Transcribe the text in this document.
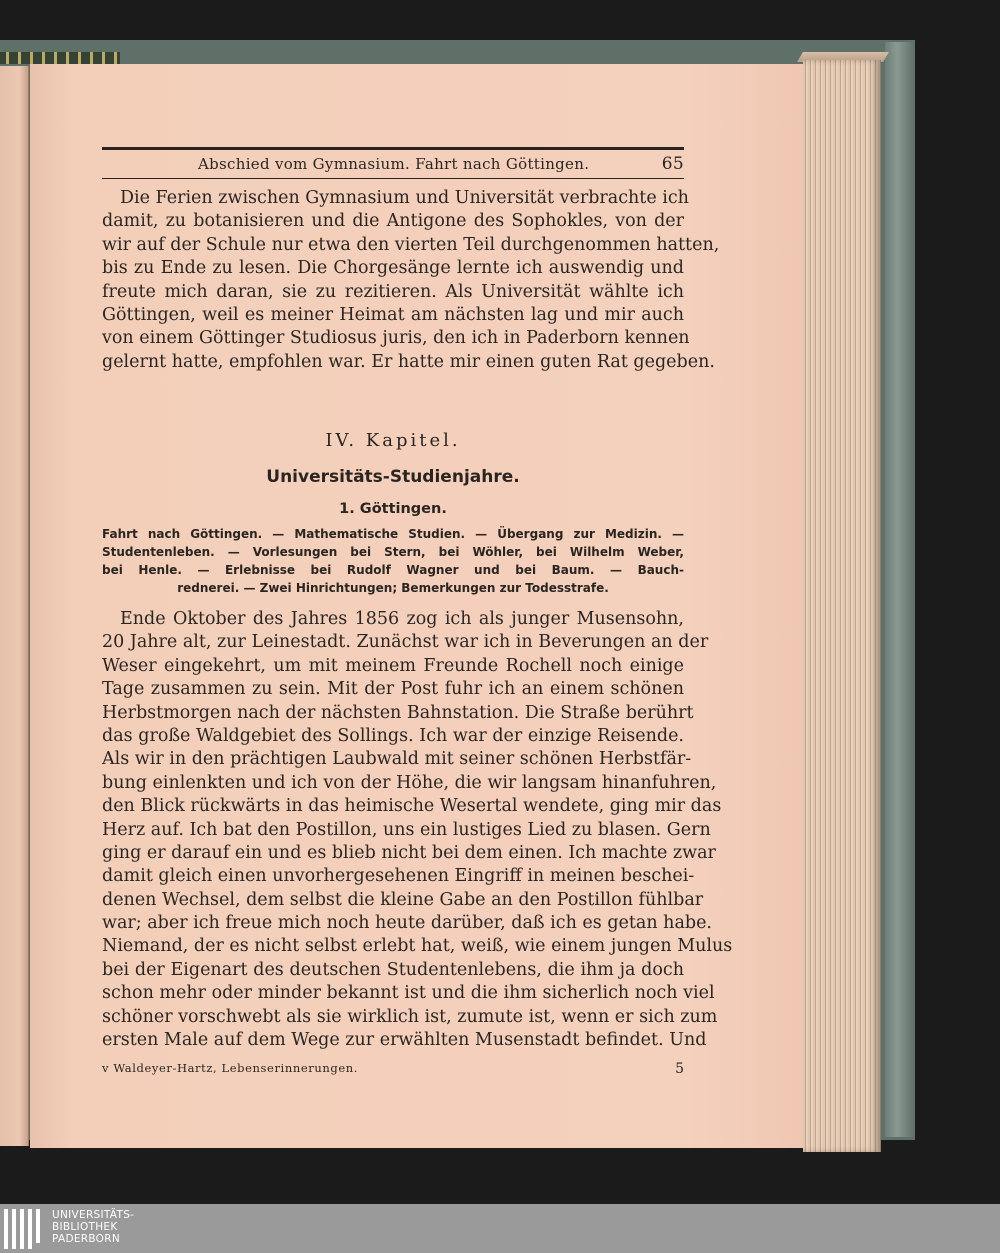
Abschied vom Gymnasium. Fahrt nach Göttingen.	65
Die Ferien zwischen Gymnasium und Universität verbrachte ich
damit, zu botanisieren und die Antigone des Sophokles, von der
wir auf der Schule nur etwa den vierten Teil durchgenommen hatten,
bis zu Ende zu lesen. Die Chorgesänge lernte ich auswendig und
freute mich daran, sie zu rezitieren. Als Universität wählte ich
Göttingen, weil es meiner Heimat am nächsten lag und mir auch
von einem Göttinger Studiosus juris, den ich in Paderborn kennen
gelernt hatte, empfohlen war. Er hatte mir einen guten Rat gegeben.
IV. Kapitel.
Universitäts-Studienjahre.
1. Göttingen.
Fahrt nach Göttingen. — Mathematische Studien. — Übergang zur Medizin. —
Studentenleben. — Vorlesungen bei Stern, bei Wöhler, bei Wilhelm Weber,
bei Henle. — Erlebnisse bei Rudolf Wagner und bei Baum. — Bauch-
rednerei. — Zwei Hinrichtungen; Bemerkungen zur Todesstrafe.
Ende Oktober des Jahres 1856 zog ich als junger Musensohn,
20 Jahre alt, zur Leinestadt. Zunächst war ich in Beverungen an der
Weser eingekehrt, um mit meinem Freunde Rochell noch einige
Tage zusammen zu sein. Mit der Post fuhr ich an einem schönen
Herbstmorgen nach der nächsten Bahnstation. Die Straße berührt
das große Waldgebiet des Sollings. Ich war der einzige Reisende.
Als wir in den prächtigen Laubwald mit seiner schönen Herbstfär-
bung einlenkten und ich von der Höhe, die wir langsam hinanfuhren,
den Blick rückwärts in das heimische Wesertal wendete, ging mir das
Herz auf. Ich bat den Postillon, uns ein lustiges Lied zu blasen. Gern
ging er darauf ein und es blieb nicht bei dem einen. Ich machte zwar
damit gleich einen unvorhergesehenen Eingriff in meinen beschei-
denen Wechsel, dem selbst die kleine Gabe an den Postillon fühlbar
war; aber ich freue mich noch heute darüber, daß ich es getan habe.
Niemand, der es nicht selbst erlebt hat, weiß, wie einem jungen Mulus
bei der Eigenart des deutschen Studentenlebens, die ihm ja doch
schon mehr oder minder bekannt ist und die ihm sicherlich noch viel
schöner vorschwebt als sie wirklich ist, zumute ist, wenn er sich zum
ersten Male auf dem Wege zur erwählten Musenstadt befindet. Und
v Waldeyer-Hartz, Lebenserinnerungen.	5
UNIVERSITÄTS-
BIBLIOTHEK
PADERBORN
